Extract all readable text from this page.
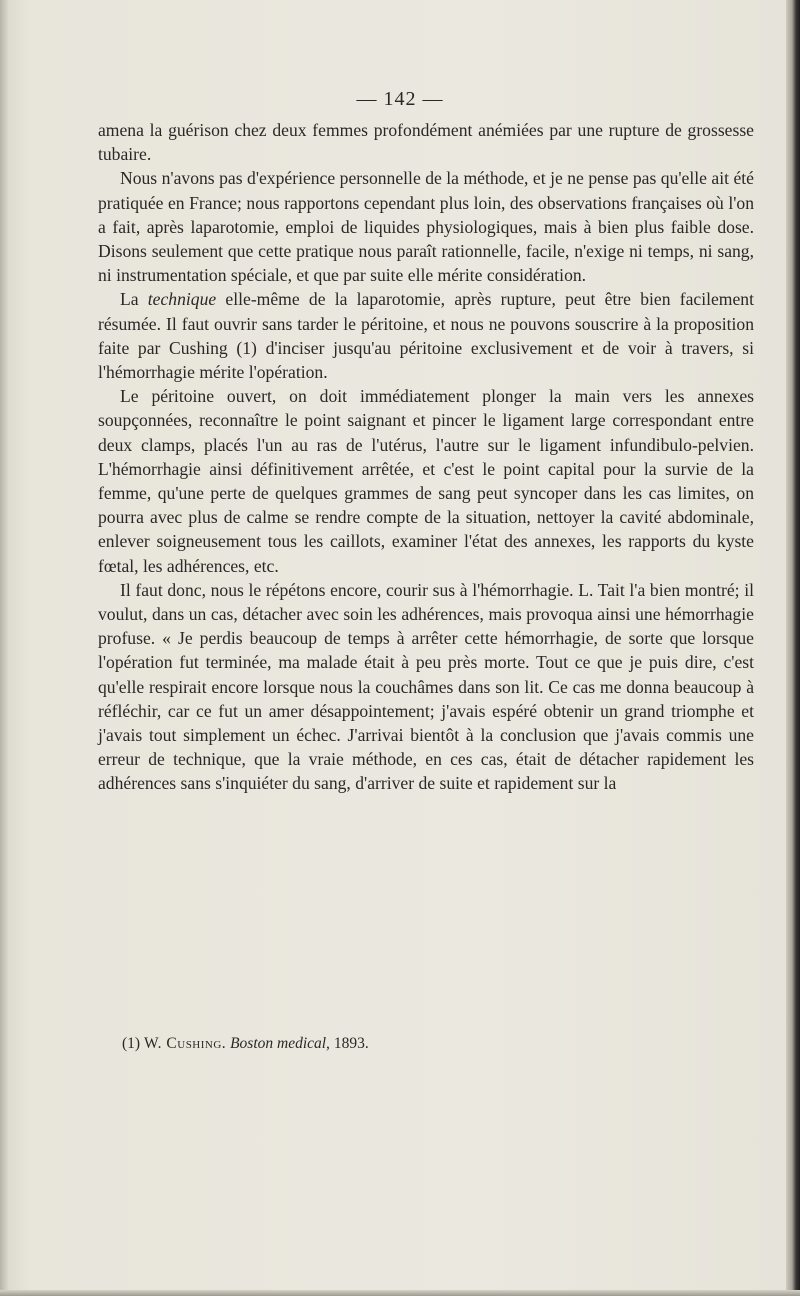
— 142 —

amena la guérison chez deux femmes profondément anémiées par une rupture de grossesse tubaire.

Nous n'avons pas d'expérience personnelle de la méthode, et je ne pense pas qu'elle ait été pratiquée en France; nous rapportons cependant plus loin, des observations françaises où l'on a fait, après laparotomie, emploi de liquides physiologiques, mais à bien plus faible dose. Disons seulement que cette pratique nous paraît rationnelle, facile, n'exige ni temps, ni sang, ni instrumentation spéciale, et que par suite elle mérite considération.

La technique elle-même de la laparotomie, après rupture, peut être bien facilement résumée. Il faut ouvrir sans tarder le péritoine, et nous ne pouvons souscrire à la proposition faite par Cushing (1) d'inciser jusqu'au péritoine exclusivement et de voir à travers, si l'hémorrhagie mérite l'opération.

Le péritoine ouvert, on doit immédiatement plonger la main vers les annexes soupçonnées, reconnaître le point saignant et pincer le ligament large correspondant entre deux clamps, placés l'un au ras de l'utérus, l'autre sur le ligament infundibulo-pelvien. L'hémorrhagie ainsi définitivement arrêtée, et c'est le point capital pour la survie de la femme, qu'une perte de quelques grammes de sang peut syncoper dans les cas limites, on pourra avec plus de calme se rendre compte de la situation, nettoyer la cavité abdominale, enlever soigneusement tous les caillots, examiner l'état des annexes, les rapports du kyste fœtal, les adhérences, etc.

Il faut donc, nous le répétons encore, courir sus à l'hémorrhagie. L. Tait l'a bien montré; il voulut, dans un cas, détacher avec soin les adhérences, mais provoqua ainsi une hémorrhagie profuse. « Je perdis beaucoup de temps à arrêter cette hémorrhagie, de sorte que lorsque l'opération fut terminée, ma malade était à peu près morte. Tout ce que je puis dire, c'est qu'elle respirait encore lorsque nous la couchâmes dans son lit. Ce cas me donna beaucoup à réfléchir, car ce fut un amer désappointement; j'avais espéré obtenir un grand triomphe et j'avais tout simplement un échec. J'arrivai bientôt à la conclusion que j'avais commis une erreur de technique, que la vraie méthode, en ces cas, était de détacher rapidement les adhérences sans s'inquiéter du sang, d'arriver de suite et rapidement sur la

(1) W. Cushing. Boston medical, 1893.
